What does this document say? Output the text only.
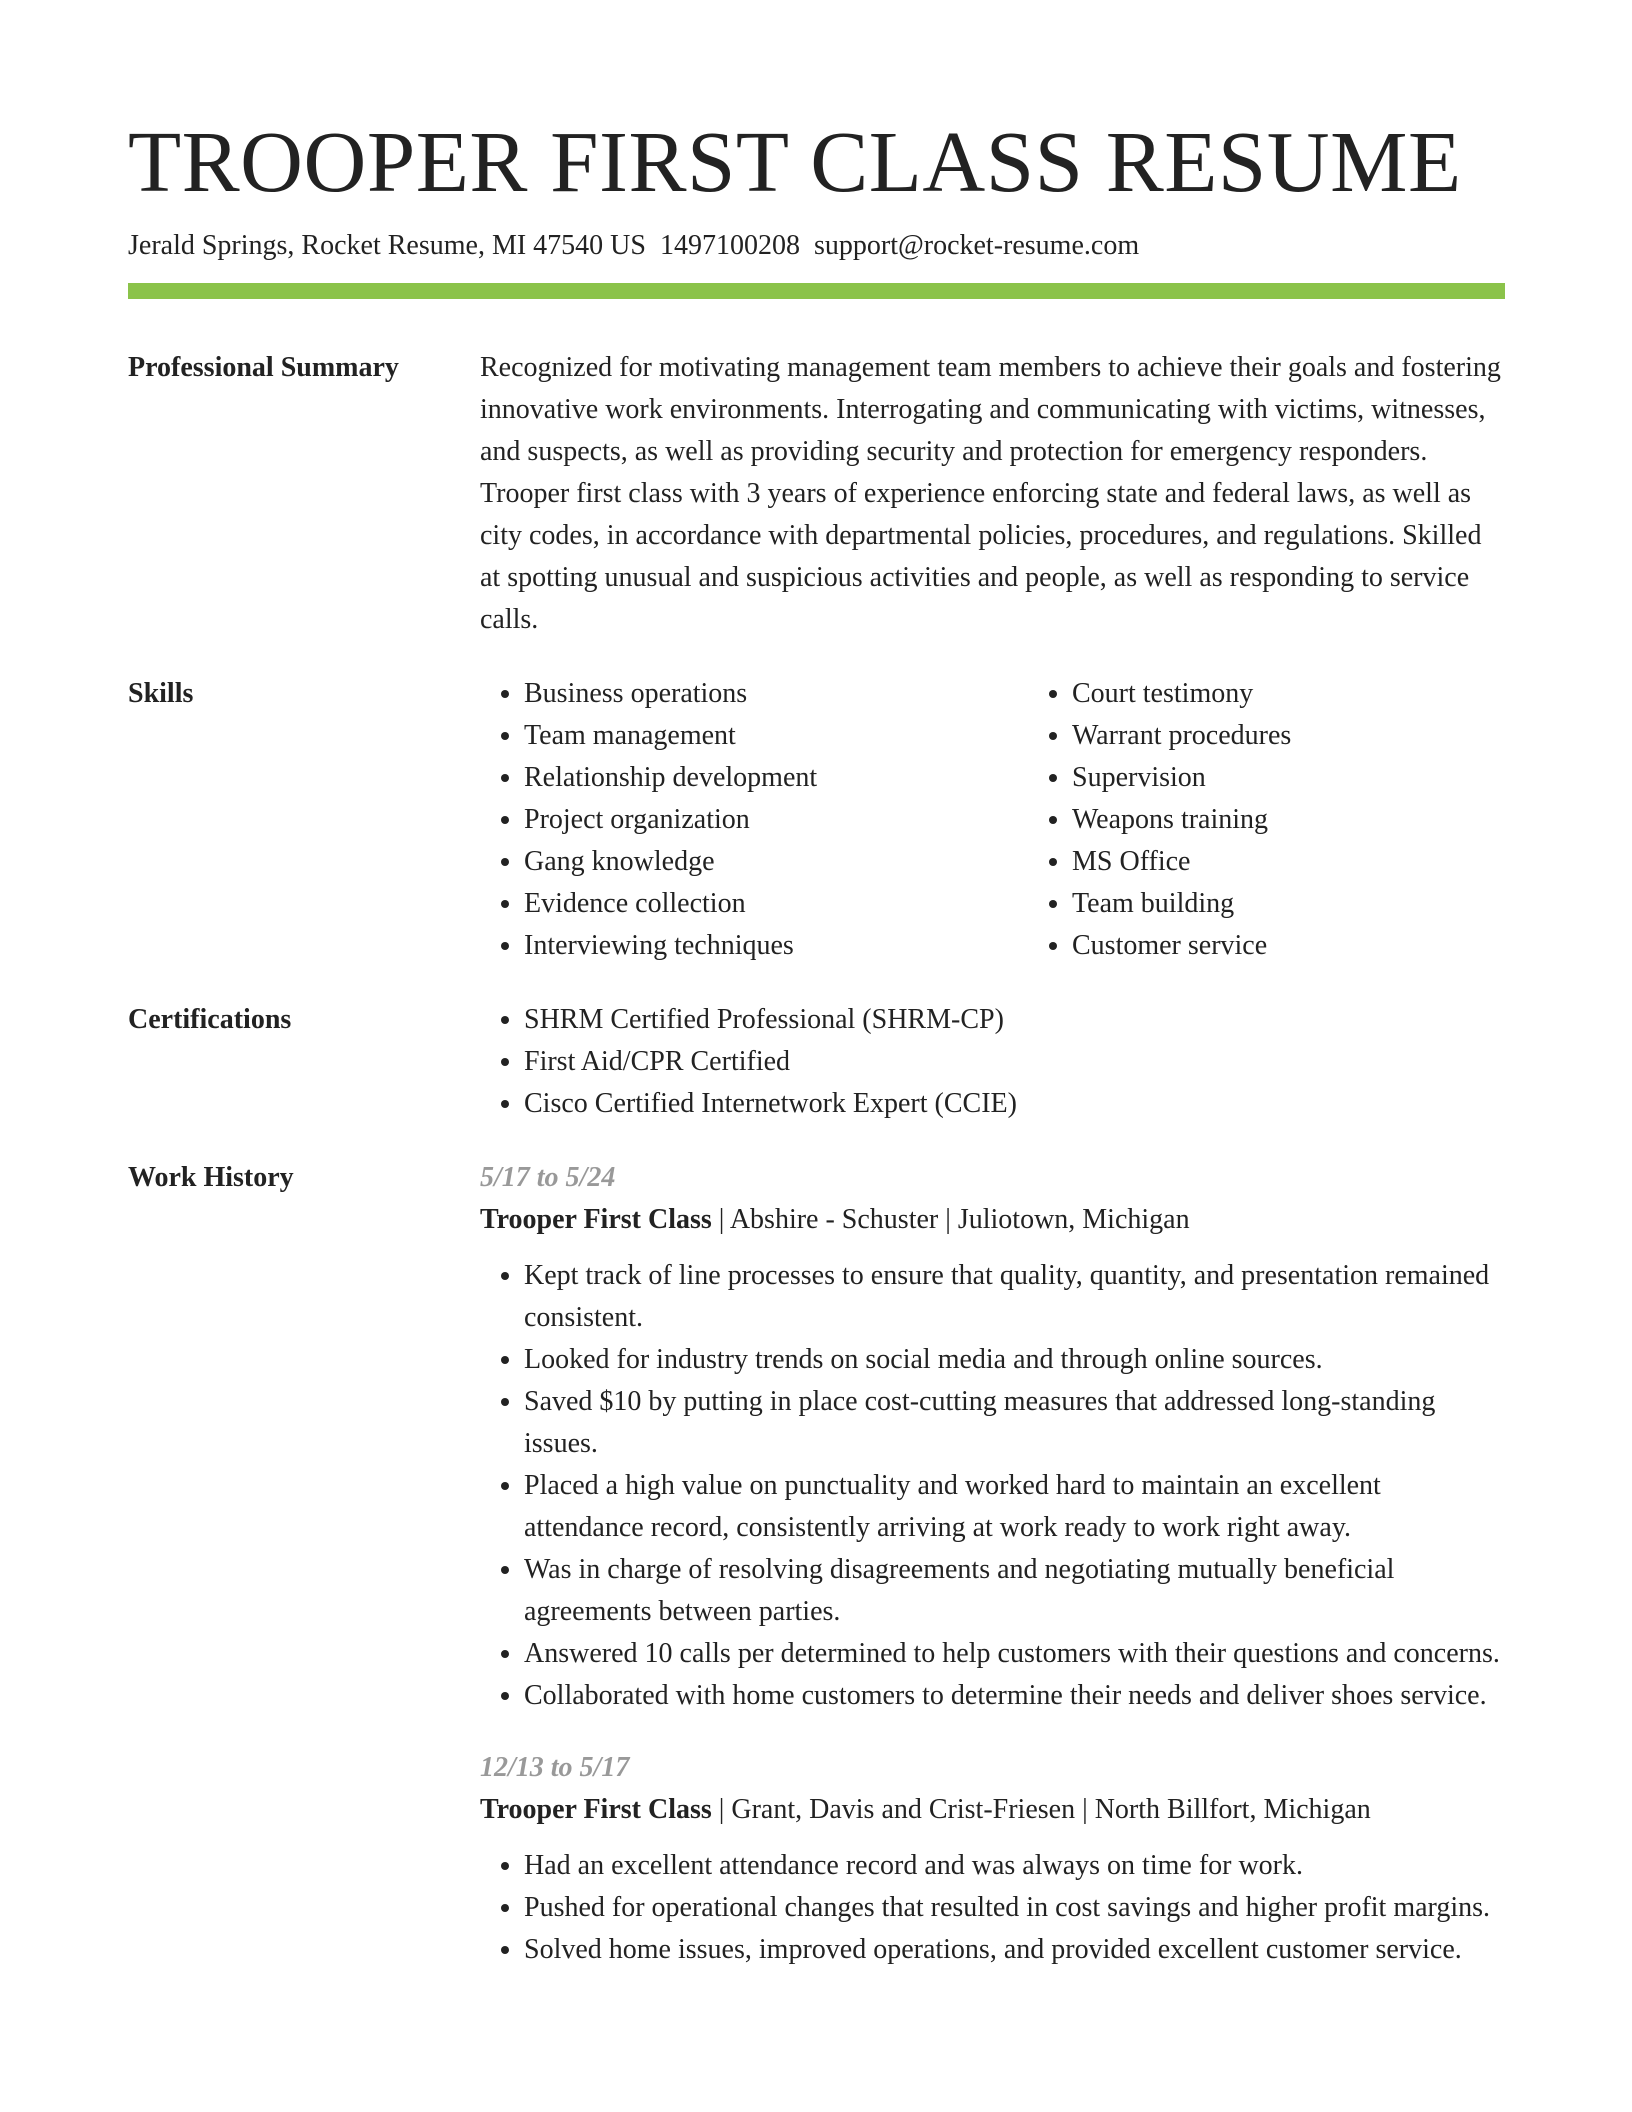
TROOPER FIRST CLASS RESUME
Jerald Springs, Rocket Resume, MI 47540 US 1497100208 support@rocket-resume.com
Professional Summary	Recognized for motivating management team members to achieve their goals and fostering innovative work environments. Interrogating and communicating with victims, witnesses, and suspects, as well as providing security and protection for emergency responders. Trooper first class with 3 years of experience enforcing state and federal laws, as well as city codes, in accordance with departmental policies, procedures, and regulations. Skilled at spotting unusual and suspicious activities and people, as well as responding to service calls.

Skills	• Business operations
• Team management
• Relationship development
• Project organization
• Gang knowledge
• Evidence collection
• Interviewing techniques
• Court testimony
• Warrant procedures
• Supervision
• Weapons training
• MS Office
• Team building
• Customer service
Certifications	• SHRM Certified Professional (SHRM-CP)
• First Aid/CPR Certified
• Cisco Certified Internetwork Expert (CCIE)
Work History	5/17 to 5/24
Trooper First Class | Abshire - Schuster | Juliotown, Michigan
• Kept track of line processes to ensure that quality, quantity, and presentation remained consistent.
• Looked for industry trends on social media and through online sources.
• Saved $10 by putting in place cost-cutting measures that addressed long-standing issues.
• Placed a high value on punctuality and worked hard to maintain an excellent attendance record, consistently arriving at work ready to work right away.
• Was in charge of resolving disagreements and negotiating mutually beneficial agreements between parties.
• Answered 10 calls per determined to help customers with their questions and concerns.
• Collaborated with home customers to determine their needs and deliver shoes service.
12/13 to 5/17
Trooper First Class | Grant, Davis and Crist-Friesen | North Billfort, Michigan
• Had an excellent attendance record and was always on time for work.
• Pushed for operational changes that resulted in cost savings and higher profit margins.
• Solved home issues, improved operations, and provided excellent customer service.
